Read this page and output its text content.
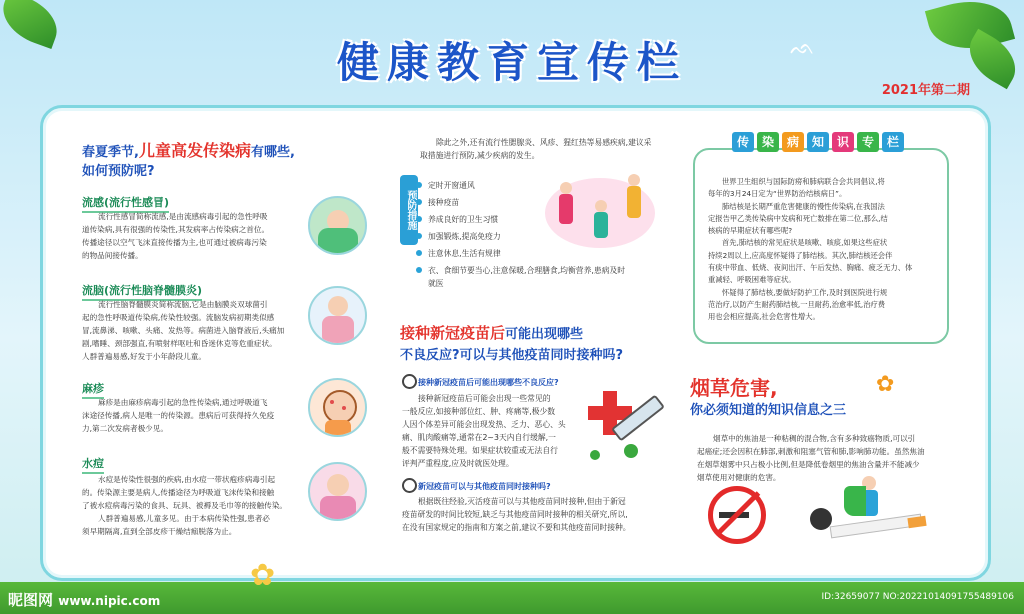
ᨒ
健康教育宣传栏
2021年第二期
春夏季节,儿童高发传染病有哪些,
如何预防呢?
流感(流行性感冒)
流行性感冒简称流感,是由流感病毒引起的急性呼吸
道传染病,具有很强的传染性,其发病率占传染病之首位。
传播途径以空气飞沫直接传播为主,也可通过被病毒污染
的物品间接传播。
流脑(流行性脑脊髓膜炎)
流行性脑脊髓膜炎简称流脑,它是由脑膜炎双球菌引
起的急性呼吸道传染病,传染性较强。流脑发病初期类似感
冒,流鼻涕、咳嗽、头痛、发热等。病菌进入脑脊液后,头痛加
剧,嗜睡、颈部强直,有喷射样呕吐和昏迷休克等危重症状。
人群普遍易感,好发于小年龄段儿童。
麻疹
麻疹是由麻疹病毒引起的急性传染病,通过呼吸道飞
沫途径传播,病人是唯一的传染源。患病后可获得持久免疫
力,第二次发病者极少见。
水痘
水痘是传染性很强的疾病,由水痘一带状疱疹病毒引起
的。传染源主要是病人,传播途径为呼吸道飞沫传染和接触
了被水痘病毒污染的食具、玩具、被褥及毛巾等的接触传染。
人群普遍易感,儿童多见。由于本病传染性强,患者必
须早期隔离,直到全部皮疹干燥结痂脱落为止。
除此之外,还有流行性腮腺炎、风疹、猩红热等易感疾病,建议采
取措施进行预防,减少疾病的发生。
预防措施
定时开窗通风
接种疫苗
养成良好的卫生习惯
加强锻炼,提高免疫力
注意休息,生活有规律
衣、食细节要当心,注意保暖,合理膳食,均衡营养,患病及时
就医
接种新冠疫苗后可能出现哪些
不良反应?可以与其他疫苗同时接种吗?
接种新冠疫苗后可能出现哪些不良反应?
接种新冠疫苗后可能会出现一些常见的
一般反应,如接种部位红、肿、疼痛等,极少数
人因个体差异可能会出现发热、乏力、恶心、头
痛、肌肉酸痛等,通常在2~3天内自行缓解,一
般不需要特殊处理。如果症状较重或无法自行
评判严重程度,应及时就医处理。
新冠疫苗可以与其他疫苗同时接种吗?
根据既往经验,灭活疫苗可以与其他疫苗同时接种,但由于新冠
疫苗研发的时间比较短,缺乏与其他疫苗同时接种的相关研究,所以,
在没有国家规定的指南和方案之前,建议不要和其他疫苗同时接种。
传	染	病	知	识	专	栏
世界卫生组织与国际防痨和肺病联合会共同倡议,将
每年的3月24日定为“世界防治结核病日”。
肺结核是长期严重危害健康的慢性传染病,在我国法
定报告甲乙类传染病中发病和死亡数排在第二位,那么,结
核病的早期症状有哪些呢?
首先,肺结核的常见症状是咳嗽、咳痰,如果这些症状
持续2周以上,应高度怀疑得了肺结核。其次,肺结核还会伴
有痰中带血、低烧、夜间出汗、午后发热、胸痛、疲乏无力、体
重减轻、呼吸困难等症状。
怀疑得了肺结核,要做好防护工作,及时到医院进行规
范治疗,以防产生耐药肺结核,一旦耐药,治愈率低,治疗费
用也会相应提高,社会危害性增大。
烟草危害,
你必须知道的知识信息之三
✿
烟草中的焦油是一种粘稠的混合物,含有多种致癌物质,可以引
起癌症;还会因积在肺部,刺激和阻塞气管和肺,影响肺功能。虽然焦油
在烟草烟雾中只占极小比例,但是降低卷烟里的焦油含量并不能减少
烟草使用对健康的危害。
✿
昵图网 www.nipic.com	ID:32659077 NO:20221014091755489106
